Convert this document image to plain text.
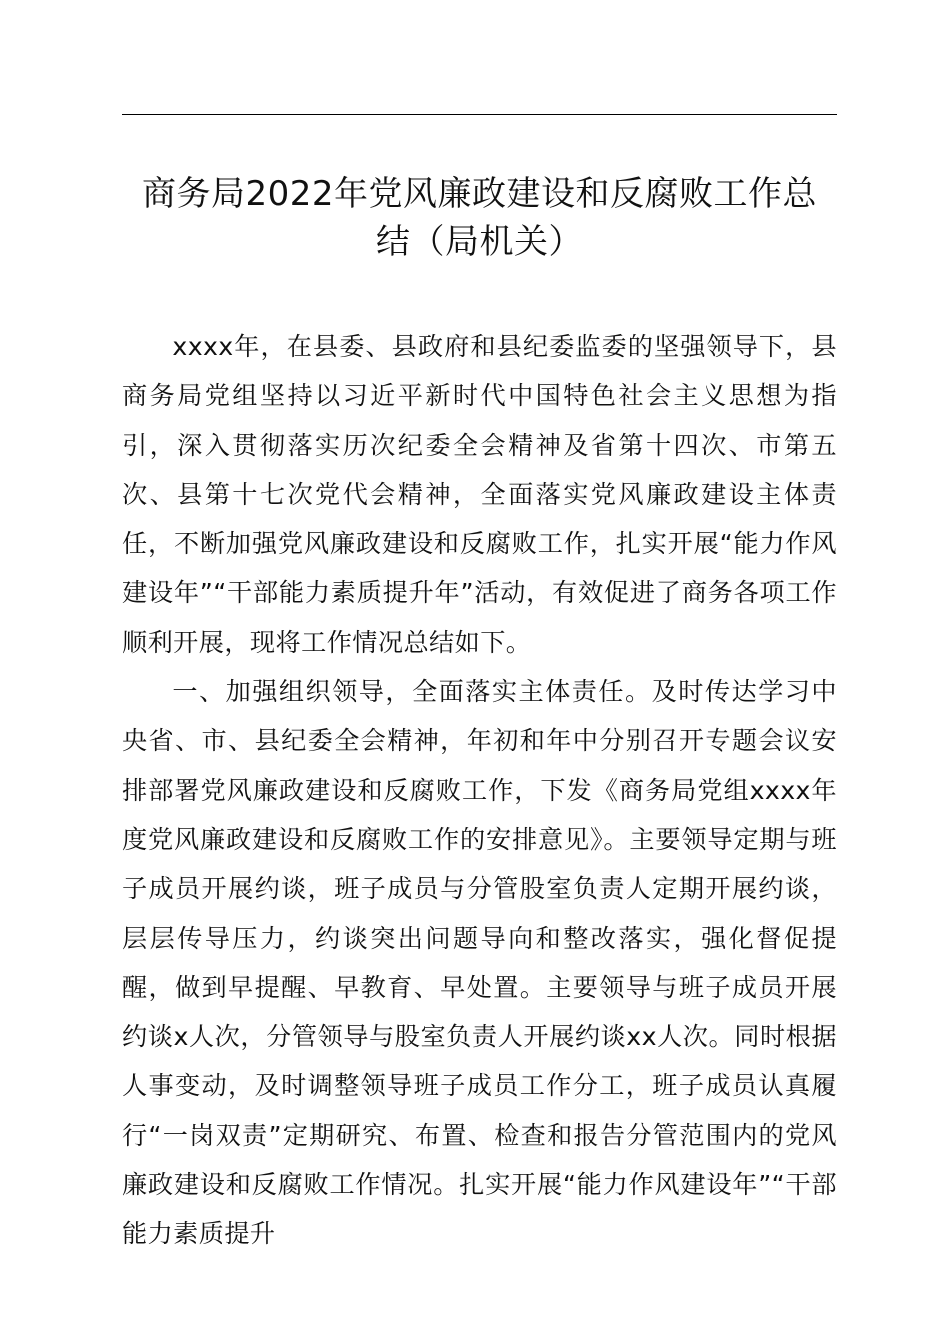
商务局2022年党风廉政建设和反腐败工作总
结（局机关）

xxxx年，在县委、县政府和县纪委监委的坚强领导下，县商务局党组坚持以习近平新时代中国特色社会主义思想为指引，深入贯彻落实历次纪委全会精神及省第十四次、市第五次、县第十七次党代会精神，全面落实党风廉政建设主体责任，不断加强党风廉政建设和反腐败工作，扎实开展“能力作风建设年”“干部能力素质提升年”活动，有效促进了商务各项工作顺利开展，现将工作情况总结如下。

一、加强组织领导，全面落实主体责任。及时传达学习中央省、市、县纪委全会精神，年初和年中分别召开专题会议安排部署党风廉政建设和反腐败工作，下发《商务局党组xxxx年度党风廉政建设和反腐败工作的安排意见》。主要领导定期与班子成员开展约谈，班子成员与分管股室负责人定期开展约谈，层层传导压力，约谈突出问题导向和整改落实，强化督促提醒，做到早提醒、早教育、早处置。主要领导与班子成员开展约谈x人次，分管领导与股室负责人开展约谈xx人次。同时根据人事变动，及时调整领导班子成员工作分工，班子成员认真履行“一岗双责”定期研究、布置、检查和报告分管范围内的党风廉政建设和反腐败工作情况。扎实开展“能力作风建设年”“干部能力素质提升
